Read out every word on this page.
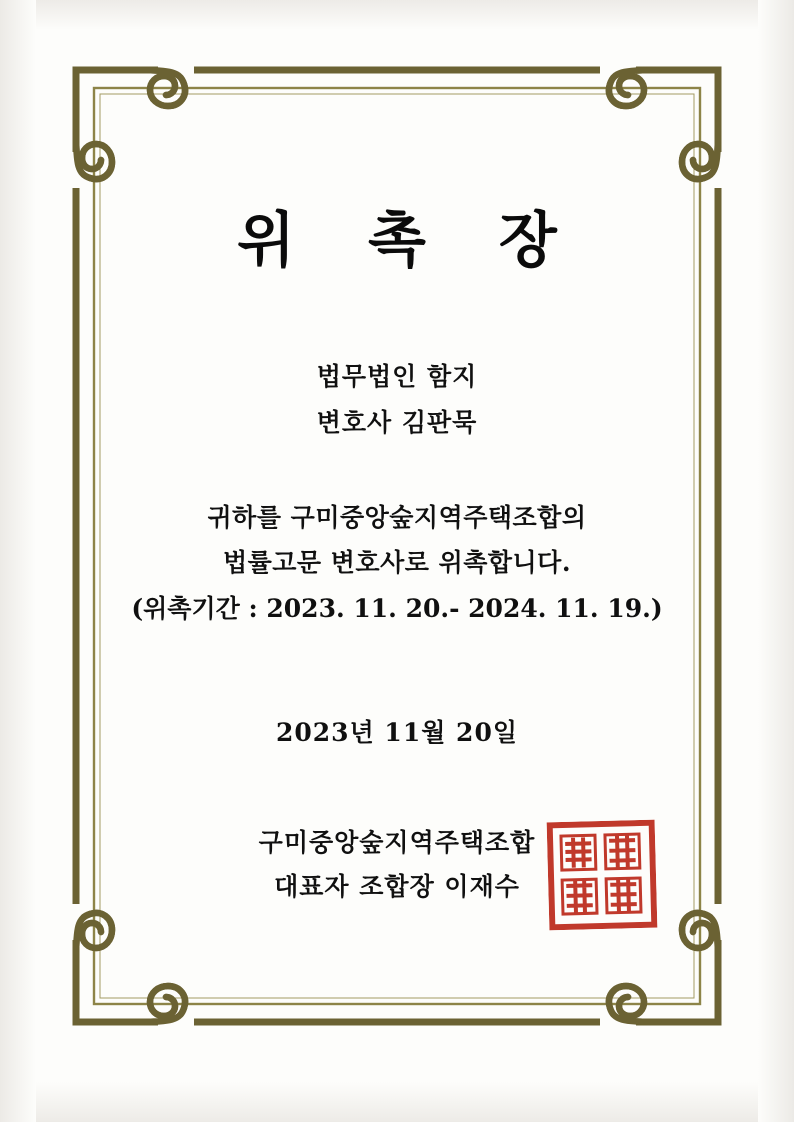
위 촉 장
법무법인 함지
변호사 김판묵
귀하를 구미중앙숲지역주택조합의
법률고문 변호사로 위촉합니다.
(위촉기간 : 2023. 11. 20.- 2024. 11. 19.)
2023년 11월 20일
구미중앙숲지역주택조합
대표자 조합장 이재수
